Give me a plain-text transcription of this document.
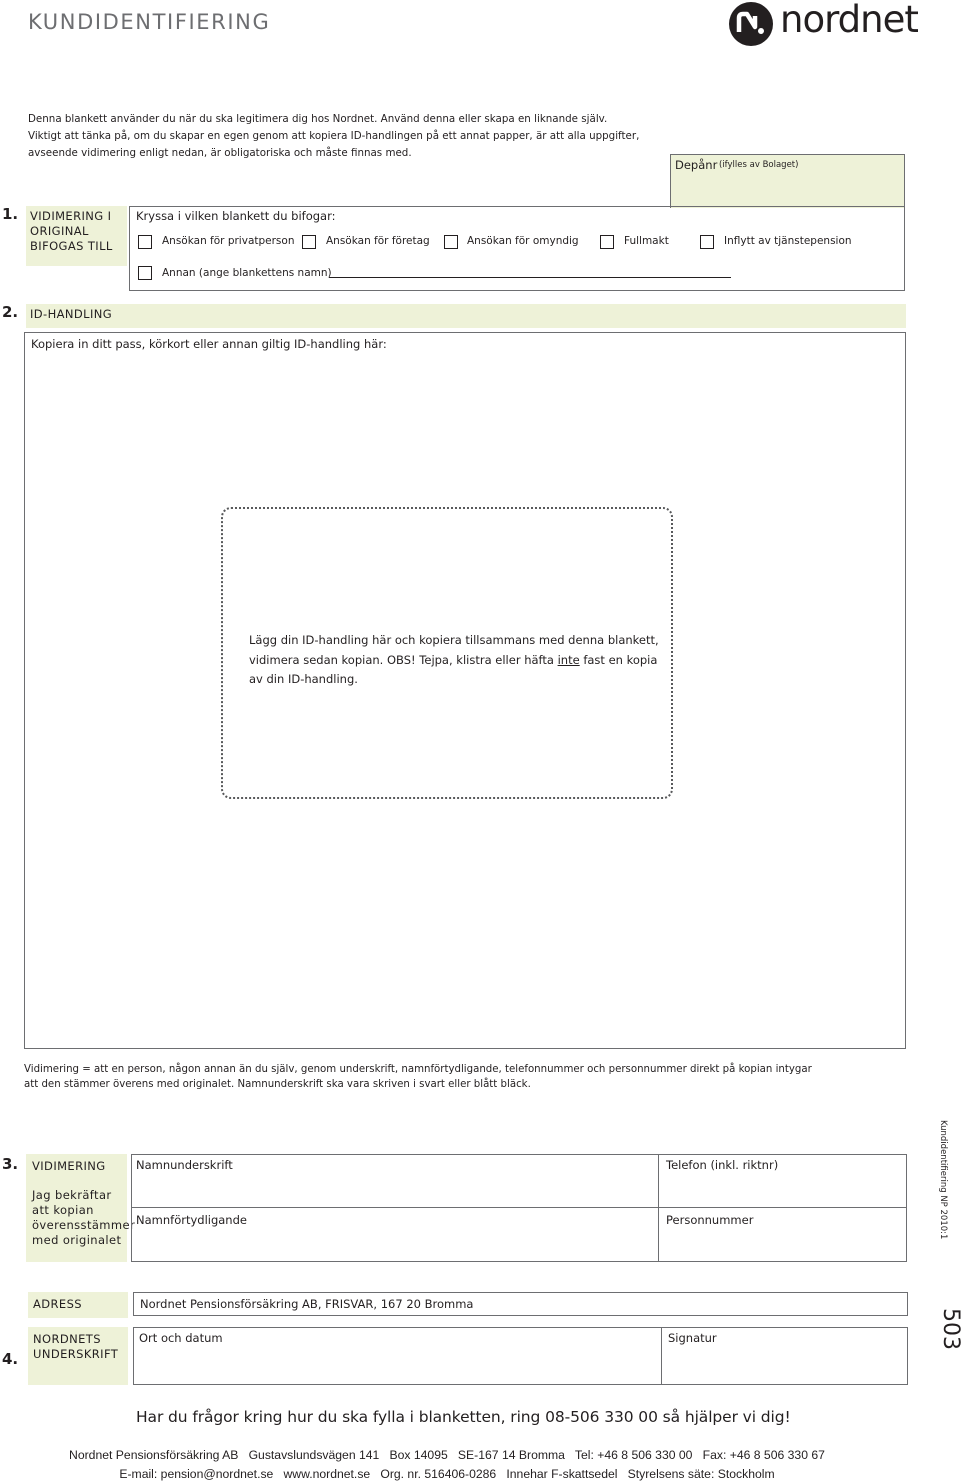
KUNDIDENTIFIERING	nordnet
Denna blankett använder du när du ska legitimera dig hos Nordnet. Använd denna eller skapa en liknande själv.
Viktigt att tänka på, om du skapar en egen genom att kopiera ID-handlingen på ett annat papper, är att alla uppgifter,
avseende vidimering enligt nedan, är obligatoriska och måste finnas med.
Depånr (ifylles av Bolaget)
1. VIDIMERING I
ORIGINAL
BIFOGAS TILL
Kryssa i vilken blankett du bifogar:
Ansökan för privatperson	Ansökan för företag	Ansökan för omyndig	Fullmakt	Inflytt av tjänstepension
Annan (ange blankettens namn)
2. ID-HANDLING
Kopiera in ditt pass, körkort eller annan giltig ID-handling här:
Lägg din ID-handling här och kopiera tillsammans med denna blankett,
vidimera sedan kopian. OBS! Tejpa, klistra eller häfta inte fast en kopia
av din ID-handling.
Vidimering = att en person, någon annan än du själv, genom underskrift, namnförtydligande, telefonnummer och personnummer direkt på kopian intygar
att den stämmer överens med originalet. Namnunderskrift ska vara skriven i svart eller blått bläck.
3. VIDIMERING
Jag bekräftar
att kopian
överensstämmer
med originalet
Namnunderskrift	Telefon (inkl. riktnr)
Namnförtydligande	Personnummer	Kundidentifiering NP 2010:1
503
4.
ADRESS	Nordnet Pensionsförsäkring AB, FRISVAR, 167 20 Bromma
NORDNETS
UNDERSKRIFT
Ort och datum	Signatur
Har du frågor kring hur du ska fylla i blanketten, ring 08-506 330 00 så hjälper vi dig!
Nordnet Pensionsförsäkring AB   Gustavslundsvägen 141   Box 14095   SE-167 14 Bromma   Tel: +46 8 506 330 00   Fax: +46 8 506 330 67
E-mail: pension@nordnet.se   www.nordnet.se   Org. nr. 516406-0286   Innehar F-skattsedel   Styrelsens säte: Stockholm
